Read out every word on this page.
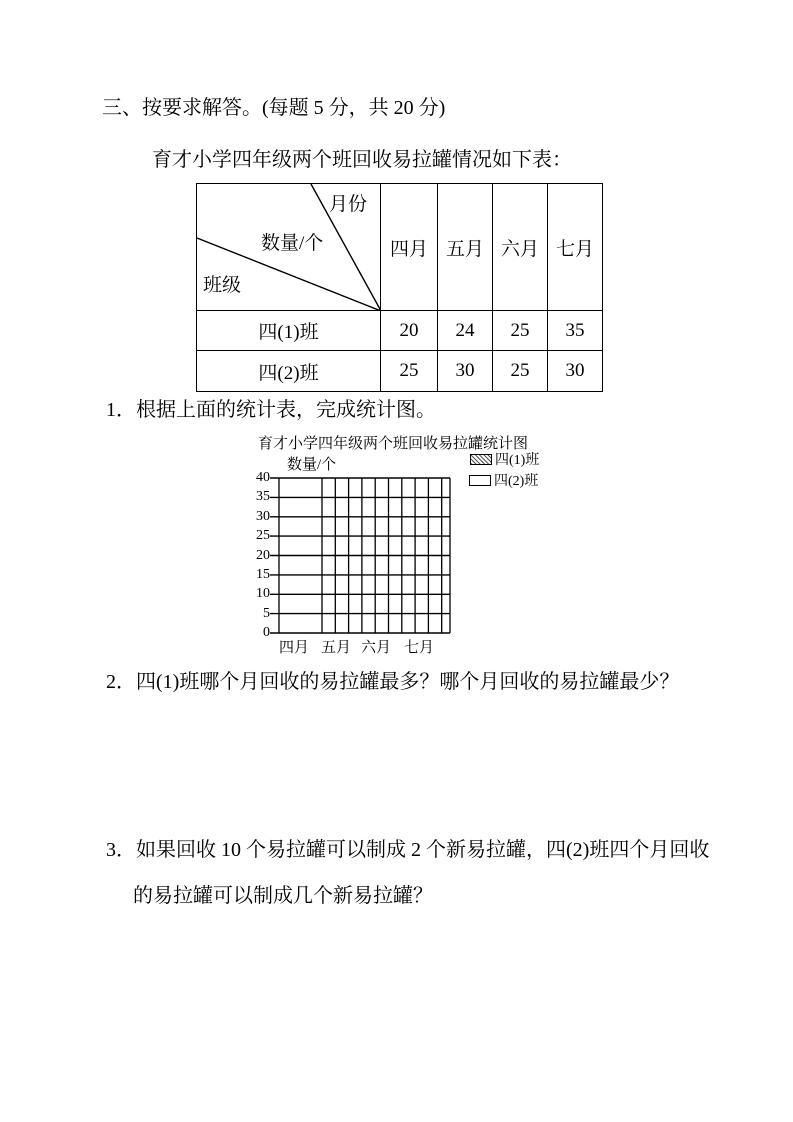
三、按要求解答。(每题 5 分，共 20 分)
育才小学四年级两个班回收易拉罐情况如下表：
月份
数量/个
班级	四月	五月	六月	七月
四(1)班	20	24	25	35
四(2)班	25	30	25	30
1．根据上面的统计表，完成统计图。
育才小学四年级两个班回收易拉罐统计图
数量/个
40
35
30
25
20
15
10
5
0
四月 五月 六月 七月
四(1)班
四(2)班
2．四(1)班哪个月回收的易拉罐最多？哪个月回收的易拉罐最少？
3．如果回收 10 个易拉罐可以制成 2 个新易拉罐，四(2)班四个月回收
的易拉罐可以制成几个新易拉罐？
